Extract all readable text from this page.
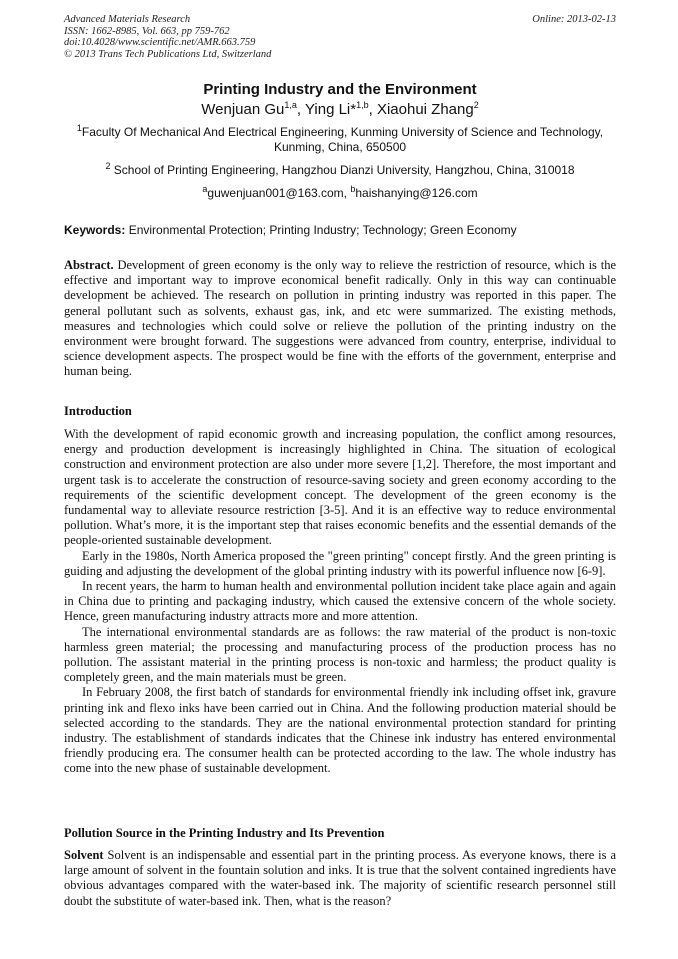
Advanced Materials Research
ISSN: 1662-8985, Vol. 663, pp 759-762
doi:10.4028/www.scientific.net/AMR.663.759
© 2013 Trans Tech Publications Ltd, Switzerland
Online: 2013-02-13

Printing Industry and the Environment

Wenjuan Gu$^{1,a}$, Ying Li*$^{1,b}$, Xiaohui Zhang$^2$

$^1$Faculty Of Mechanical And Electrical Engineering, Kunming University of Science and Technology, Kunming, China, 650500

$^2$ School of Printing Engineering, Hangzhou Dianzi University, Hangzhou, China, 310018

$^a$guwenjuan001@163.com, $^b$haishanying@126.com

Keywords: Environmental Protection; Printing Industry; Technology; Green Economy

Abstract. Development of green economy is the only way to relieve the restriction of resource, which is the effective and important way to improve economical benefit radically. Only in this way can continuable development be achieved. The research on pollution in printing industry was reported in this paper. The general pollutant such as solvents, exhaust gas, ink, and etc were summarized. The existing methods, measures and technologies which could solve or relieve the pollution of the printing industry on the environment were brought forward. The suggestions were advanced from country, enterprise, individual to science development aspects. The prospect would be fine with the efforts of the government, enterprise and human being.

Introduction

With the development of rapid economic growth and increasing population, the conflict among resources, energy and production development is increasingly highlighted in China. The situation of ecological construction and environment protection are also under more severe [1,2]. Therefore, the most important and urgent task is to accelerate the construction of resource-saving society and green economy according to the requirements of the scientific development concept. The development of the green economy is the fundamental way to alleviate resource restriction [3-5]. And it is an effective way to reduce environmental pollution. What’s more, it is the important step that raises economic benefits and the essential demands of the people-oriented sustainable development.

Early in the 1980s, North America proposed the "green printing" concept firstly. And the green printing is guiding and adjusting the development of the global printing industry with its powerful influence now [6-9].

In recent years, the harm to human health and environmental pollution incident take place again and again in China due to printing and packaging industry, which caused the extensive concern of the whole society. Hence, green manufacturing industry attracts more and more attention.

The international environmental standards are as follows: the raw material of the product is non-toxic harmless green material; the processing and manufacturing process of the production process has no pollution. The assistant material in the printing process is non-toxic and harmless; the product quality is completely green, and the main materials must be green.

In February 2008, the first batch of standards for environmental friendly ink including offset ink, gravure printing ink and flexo inks have been carried out in China. And the following production material should be selected according to the standards. They are the national environmental protection standard for printing industry. The establishment of standards indicates that the Chinese ink industry has entered environmental friendly producing era. The consumer health can be protected according to the law. The whole industry has come into the new phase of sustainable development.

Pollution Source in the Printing Industry and Its Prevention

Solvent Solvent is an indispensable and essential part in the printing process. As everyone knows, there is a large amount of solvent in the fountain solution and inks. It is true that the solvent contained ingredients have obvious advantages compared with the water-based ink. The majority of scientific research personnel still doubt the substitute of water-based ink. Then, what is the reason?
